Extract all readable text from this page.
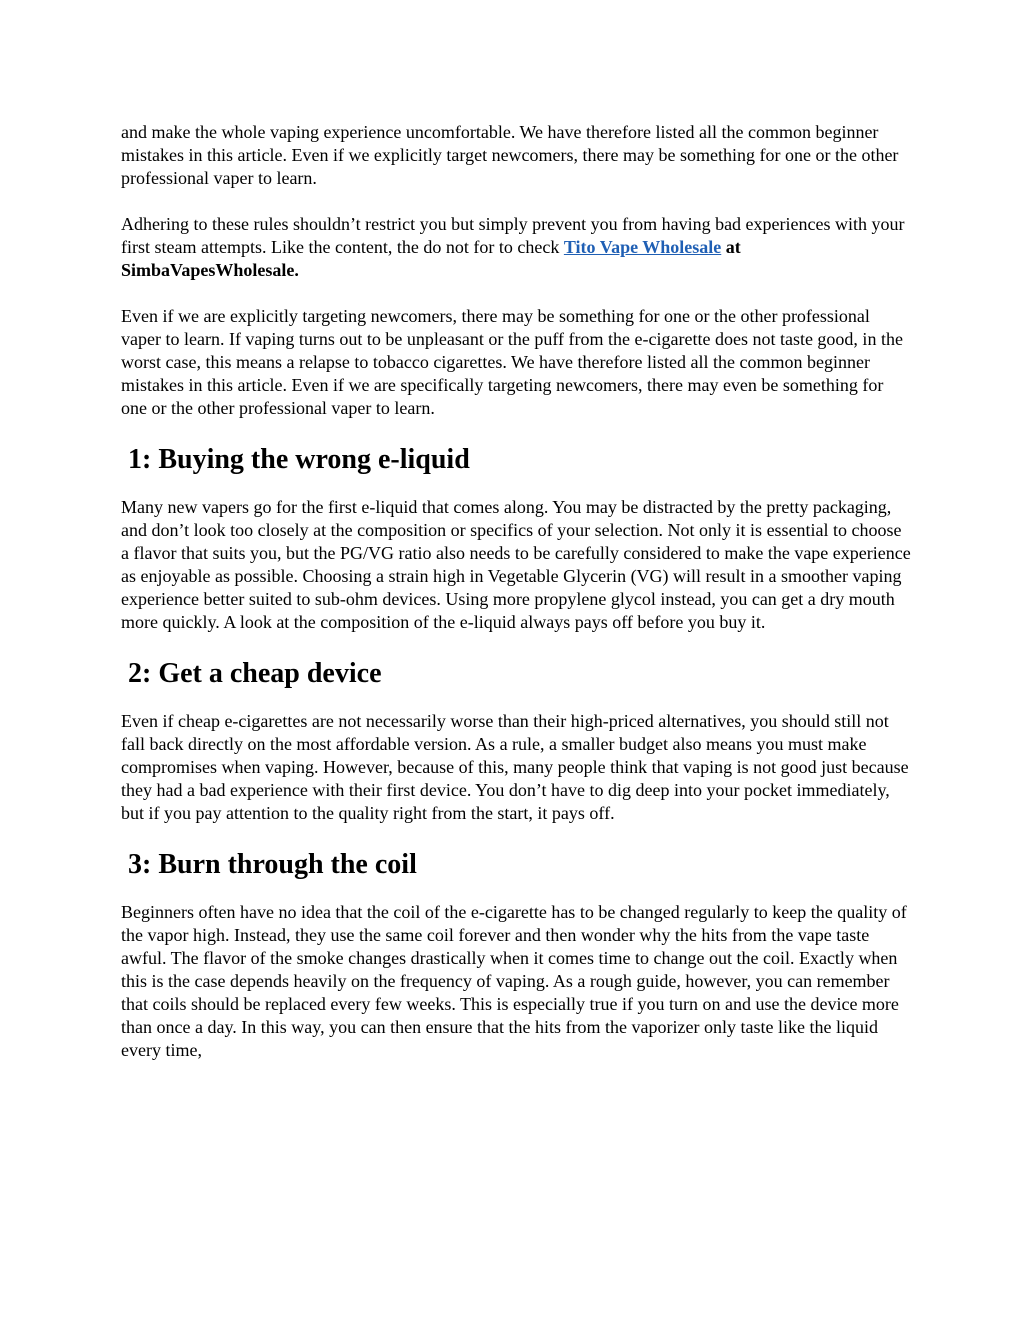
and make the whole vaping experience uncomfortable. We have therefore listed all the common beginner mistakes in this article. Even if we explicitly target newcomers, there may be something for one or the other professional vaper to learn.

Adhering to these rules shouldn’t restrict you but simply prevent you from having bad experiences with your first steam attempts. Like the content, the do not for to check Tito Vape Wholesale at SimbaVapesWholesale.

Even if we are explicitly targeting newcomers, there may be something for one or the other professional vaper to learn. If vaping turns out to be unpleasant or the puff from the e-cigarette does not taste good, in the worst case, this means a relapse to tobacco cigarettes. We have therefore listed all the common beginner mistakes in this article. Even if we are specifically targeting newcomers, there may even be something for one or the other professional vaper to learn.

1: Buying the wrong e-liquid

Many new vapers go for the first e-liquid that comes along. You may be distracted by the pretty packaging, and don’t look too closely at the composition or specifics of your selection. Not only it is essential to choose a flavor that suits you, but the PG/VG ratio also needs to be carefully considered to make the vape experience as enjoyable as possible. Choosing a strain high in Vegetable Glycerin (VG) will result in a smoother vaping experience better suited to sub-ohm devices. Using more propylene glycol instead, you can get a dry mouth more quickly. A look at the composition of the e-liquid always pays off before you buy it.

2: Get a cheap device

Even if cheap e-cigarettes are not necessarily worse than their high-priced alternatives, you should still not fall back directly on the most affordable version. As a rule, a smaller budget also means you must make compromises when vaping. However, because of this, many people think that vaping is not good just because they had a bad experience with their first device. You don’t have to dig deep into your pocket immediately, but if you pay attention to the quality right from the start, it pays off.

3: Burn through the coil

Beginners often have no idea that the coil of the e-cigarette has to be changed regularly to keep the quality of the vapor high. Instead, they use the same coil forever and then wonder why the hits from the vape taste awful. The flavor of the smoke changes drastically when it comes time to change out the coil. Exactly when this is the case depends heavily on the frequency of vaping. As a rough guide, however, you can remember that coils should be replaced every few weeks. This is especially true if you turn on and use the device more than once a day. In this way, you can then ensure that the hits from the vaporizer only taste like the liquid every time,
